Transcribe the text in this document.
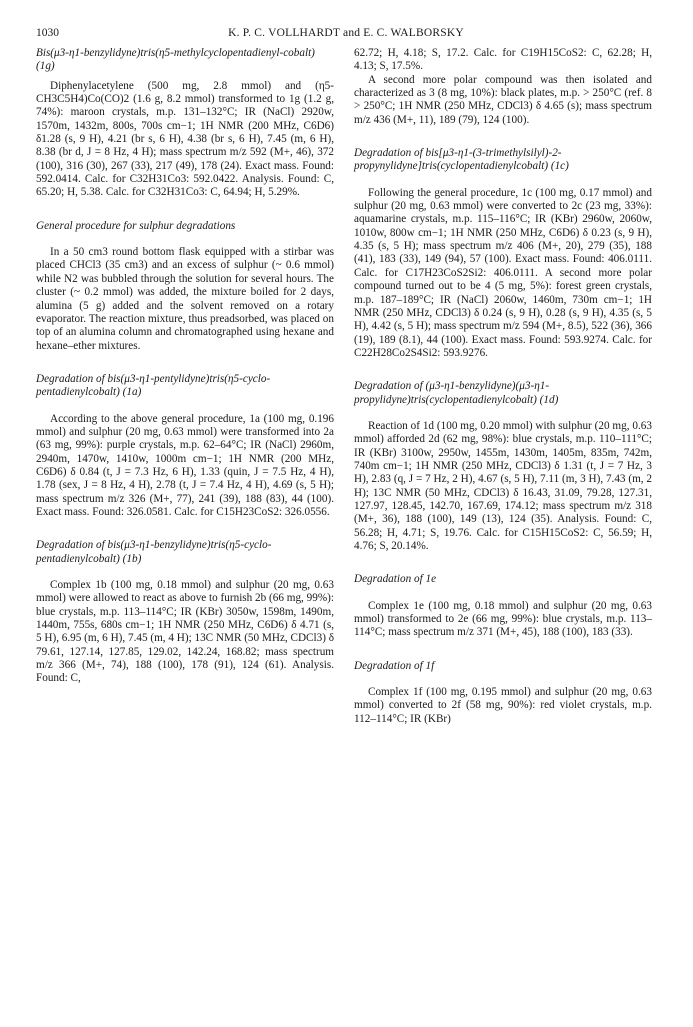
1030	K. P. C. VOLLHARDT and E. C. WALBORSKY
Bis(μ3-η1-benzylidyne)tris(η5-methylcyclopentadienyl-cobalt) (1g)

Diphenylacetylene (500 mg, 2.8 mmol) and (η5-CH3C5H4)Co(CO)2 (1.6 g, 8.2 mmol) transformed to 1g (1.2 g, 74%): maroon crystals, m.p. 131–132°C; IR (NaCl) 2920w, 1570m, 1432m, 800s, 700s cm−1; 1H NMR (200 MHz, C6D6) δ1.28 (s, 9 H), 4.21 (br s, 6 H), 4.38 (br s, 6 H), 7.45 (m, 6 H), 8.38 (br d, J = 8 Hz, 4 H); mass spectrum m/z 592 (M+, 46), 372 (100), 316 (30), 267 (33), 217 (49), 178 (24). Exact mass. Found: 592.0414. Calc. for C32H31Co3: 592.0422. Analysis. Found: C, 65.20; H, 5.38. Calc. for C32H31Co3: C, 64.94; H, 5.29%.

General procedure for sulphur degradations

In a 50 cm3 round bottom flask equipped with a stirbar was placed CHCl3 (35 cm3) and an excess of sulphur (~ 0.6 mmol) while N2 was bubbled through the solution for several hours. The cluster (~ 0.2 mmol) was added, the mixture boiled for 2 days, alumina (5 g) added and the solvent removed on a rotary evaporator. The reaction mixture, thus preadsorbed, was placed on top of an alumina column and chromatographed using hexane and hexane–ether mixtures.

Degradation of bis(μ3-η1-pentylidyne)tris(η5-cyclo-pentadienylcobalt) (1a)

According to the above general procedure, 1a (100 mg, 0.196 mmol) and sulphur (20 mg, 0.63 mmol) were transformed into 2a (63 mg, 99%): purple crystals, m.p. 62–64°C; IR (NaCl) 2960m, 2940m, 1470w, 1410w, 1000m cm−1; 1H NMR (200 MHz, C6D6) δ 0.84 (t, J = 7.3 Hz, 6 H), 1.33 (quin, J = 7.5 Hz, 4 H), 1.78 (sex, J = 8 Hz, 4 H), 2.78 (t, J = 7.4 Hz, 4 H), 4.69 (s, 5 H); mass spectrum m/z 326 (M+, 77), 241 (39), 188 (83), 44 (100). Exact mass. Found: 326.0581. Calc. for C15H23CoS2: 326.0556.

Degradation of bis(μ3-η1-benzylidyne)tris(η5-cyclo-pentadienylcobalt) (1b)

Complex 1b (100 mg, 0.18 mmol) and sulphur (20 mg, 0.63 mmol) were allowed to react as above to furnish 2b (66 mg, 99%): blue crystals, m.p. 113–114°C; IR (KBr) 3050w, 1598m, 1490m, 1440m, 755s, 680s cm−1; 1H NMR (250 MHz, C6D6) δ 4.71 (s, 5 H), 6.95 (m, 6 H), 7.45 (m, 4 H); 13C NMR (50 MHz, CDCl3) δ 79.61, 127.14, 127.85, 129.02, 142.24, 168.82; mass spectrum m/z 366 (M+, 74), 188 (100), 178 (91), 124 (61). Analysis. Found: C,

62.72; H, 4.18; S, 17.2. Calc. for C19H15CoS2: C, 62.28; H, 4.13; S, 17.5%.

A second more polar compound was then isolated and characterized as 3 (8 mg, 10%): black plates, m.p. > 250°C (ref. 8 > 250°C; 1H NMR (250 MHz, CDCl3) δ 4.65 (s); mass spectrum m/z 436 (M+, 11), 189 (79), 124 (100).

Degradation of bis[μ3-η1-(3-trimethylsilyl)-2-propynylidyne]tris(cyclopentadienylcobalt) (1c)

Following the general procedure, 1c (100 mg, 0.17 mmol) and sulphur (20 mg, 0.63 mmol) were converted to 2c (23 mg, 33%): aquamarine crystals, m.p. 115–116°C; IR (KBr) 2960w, 2060w, 1010w, 800w cm−1; 1H NMR (250 MHz, C6D6) δ 0.23 (s, 9 H), 4.35 (s, 5 H); mass spectrum m/z 406 (M+, 20), 279 (35), 188 (41), 183 (33), 149 (94), 57 (100). Exact mass. Found: 406.0111. Calc. for C17H23CoS2Si2: 406.0111. A second more polar compound turned out to be 4 (5 mg, 5%): forest green crystals, m.p. 187–189°C; IR (NaCl) 2060w, 1460m, 730m cm−1; 1H NMR (250 MHz, CDCl3) δ 0.24 (s, 9 H), 0.28 (s, 9 H), 4.35 (s, 5 H), 4.42 (s, 5 H); mass spectrum m/z 594 (M+, 8.5), 522 (36), 366 (19), 189 (8.1), 44 (100). Exact mass. Found: 593.9274. Calc. for C22H28Co2S4Si2: 593.9276.

Degradation of (μ3-η1-benzylidyne)(μ3-η1-propylidyne)tris(cyclopentadienylcobalt) (1d)

Reaction of 1d (100 mg, 0.20 mmol) with sulphur (20 mg, 0.63 mmol) afforded 2d (62 mg, 98%): blue crystals, m.p. 110–111°C; IR (KBr) 3100w, 2950w, 1455m, 1430m, 1405m, 835m, 742m, 740m cm−1; 1H NMR (250 MHz, CDCl3) δ 1.31 (t, J = 7 Hz, 3 H), 2.83 (q, J = 7 Hz, 2 H), 4.67 (s, 5 H), 7.11 (m, 3 H), 7.43 (m, 2 H); 13C NMR (50 MHz, CDCl3) δ 16.43, 31.09, 79.28, 127.31, 127.97, 128.45, 142.70, 167.69, 174.12; mass spectrum m/z 318 (M+, 36), 188 (100), 149 (13), 124 (35). Analysis. Found: C, 56.28; H, 4.71; S, 19.76. Calc. for C15H15CoS2: C, 56.59; H, 4.76; S, 20.14%.

Degradation of 1e

Complex 1e (100 mg, 0.18 mmol) and sulphur (20 mg, 0.63 mmol) transformed to 2e (66 mg, 99%): blue crystals, m.p. 113–114°C; mass spectrum m/z 371 (M+, 45), 188 (100), 183 (33).

Degradation of 1f

Complex 1f (100 mg, 0.195 mmol) and sulphur (20 mg, 0.63 mmol) converted to 2f (58 mg, 90%): red violet crystals, m.p. 112–114°C; IR (KBr)
